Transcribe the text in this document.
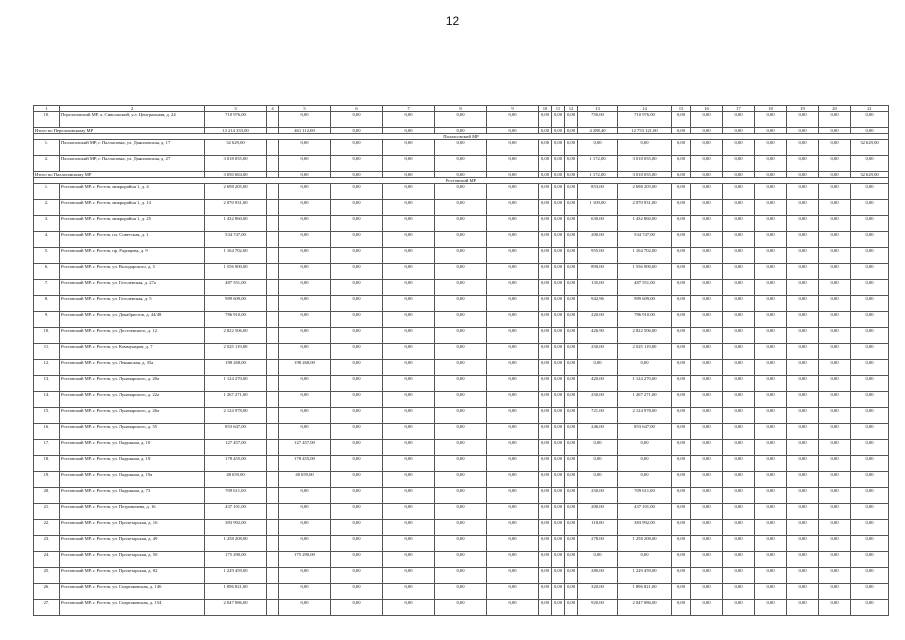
12
1	2	3	4	5	6	7	8	9	10	11	12	13	14	15	16	17	18	19	20	21
10.	Перелазовский МР, х. Сиволжский, у.л. Центральная, д. 24	710 976,00		0,00	0,00	0,00	0,00	0,00	0,00	0,00	0,00	750,00	710 976,00	0,00	0,00	0,00	0,00	0,00	0,00	0,00
Итого по Перелазовскому МР		13 214 333,00		461 112,00	0,00	0,00	0,00	0,00	0,00	0,00	0,00	4 288,40	12 753 121,00	0,00	0,00	0,00	0,00	0,00	0,00	0,00
Палласовский МР																				
1.	Палласовский МР, г. Палласовка, ул. Даниловская, д. 17	32 629,00		0,00	0,00	0,00	0,00	0,00	0,00	0,00	0,00	0,00	0,00	0,00	0,00	0,00	0,00	0,00	0,00	32 629,00
2.	Палласовский МР, г. Палласовка, ул. Даниловская, д. 27	3 018 055,00		0,00	0,00	0,00	0,00	0,00	0,00	0,00	0,00	1 172,00	3 018 055,00	0,00	0,00	0,00	0,00	0,00	0,00	0,00
Итого по Палласовскому МР		3 050 684,00		0,00	0,00	0,00	0,00	0,00	0,00	0,00	0,00	1 172,00	3 018 055,00	0,00	0,00	0,00	0,00	0,00	0,00	32 629,00
Ростовский МР																				
1.	Ростовский МР, г. Ростов, микрорайон 1, д. 4	2 698 205,00		0,00	0,00	0,00	0,00	0,00	0,00	0,00	0,00	853,00	2 698 205,00	0,00	0,00	0,00	0,00	0,00	0,00	0,00
2.	Ростовский МР, г. Ростов, микрорайон 1, д. 14	2 070 931,00		0,00	0,00	0,00	0,00	0,00	0,00	0,00	0,00	1 109,00	2 070 931,00	0,00	0,00	0,00	0,00	0,00	0,00	0,00
3.	Ростовский МР, г. Ростов, микрорайон 1, д. 25	1 432 860,00		0,00	0,00	0,00	0,00	0,00	0,00	0,00	0,00	630,00	1 432 860,00	0,00	0,00	0,00	0,00	0,00	0,00	0,00
4.	Ростовский МР, г. Ростов, пл. Советская, д. 1	534 747,00		0,00	0,00	0,00	0,00	0,00	0,00	0,00	0,00	200,00	534 747,00	0,00	0,00	0,00	0,00	0,00	0,00	0,00
5.	Ростовский МР, г. Ростов, пр. Радищева, д. 9	1 164 702,00		0,00	0,00	0,00	0,00	0,00	0,00	0,00	0,00	955,00	1 164 702,00	0,00	0,00	0,00	0,00	0,00	0,00	0,00
6.	Ростовский МР, г. Ростов, ул. Володарского, д. 5	1 556 900,00		0,00	0,00	0,00	0,00	0,00	0,00	0,00	0,00	890,00	1 556 900,00	0,00	0,00	0,00	0,00	0,00	0,00	0,00
7.	Ростовский МР, г. Ростов, ул. Гоголевская, д. 27а	487 551,00		0,00	0,00	0,00	0,00	0,00	0,00	0,00	0,00	135,00	487 551,00	0,00	0,00	0,00	0,00	0,00	0,00	0,00
8.	Ростовский МР, г. Ростов, ул. Гоголевская, д. 5	989 609,00		0,00	0,00	0,00	0,00	0,00	0,00	0,00	0,00	942,96	989 609,00	0,00	0,00	0,00	0,00	0,00	0,00	0,00
9.	Ростовский МР, г. Ростов, ул. Декабристов, д. 44/48	786 910,00		0,00	0,00	0,00	0,00	0,00	0,00	0,00	0,00	220,00	786 910,00	0,00	0,00	0,00	0,00	0,00	0,00	0,00
10.	Ростовский МР, г. Ростов, ул. Достоевского, д. 12	2 822 506,00		0,00	0,00	0,00	0,00	0,00	0,00	0,00	0,00	426,90	2 822 506,00	0,00	0,00	0,00	0,00	0,00	0,00	0,00
11.	Ростовский МР, г. Ростов, ул. Коммунаров, д. 7	2 025 119,00		0,00	0,00	0,00	0,00	0,00	0,00	0,00	0,00	250,00	2 025 119,00	0,00	0,00	0,00	0,00	0,00	0,00	0,00
12.	Ростовский МР, г. Ростов, ул. Ленинская, д. 35а	198 268,00		198 268,00	0,00	0,00	0,00	0,00	0,00	0,00	0,00	0,00	0,00	0,00	0,00	0,00	0,00	0,00	0,00	0,00
13.	Ростовский МР, г. Ростов, ул. Луначарского, д. 20а	1 124 270,00		0,00	0,00	0,00	0,00	0,00	0,00	0,00	0,00	420,00	1 124 270,00	0,00	0,00	0,00	0,00	0,00	0,00	0,00
14.	Ростовский МР, г. Ростов, ул. Луначарского, д. 22а	1 267 271,00		0,00	0,00	0,00	0,00	0,00	0,00	0,00	0,00	250,00	1 267 271,00	0,00	0,00	0,00	0,00	0,00	0,00	0,00
15.	Ростовский МР, г. Ростов, ул. Луначарского, д. 26а	2 124 978,00		0,00	0,00	0,00	0,00	0,00	0,00	0,00	0,00	721,00	2 124 978,00	0,00	0,00	0,00	0,00	0,00	0,00	0,00
16.	Ростовский МР, г. Ростов, ул. Луначарского, д. 55	853 647,00		0,00	0,00	0,00	0,00	0,00	0,00	0,00	0,00	246,00	853 647,00	0,00	0,00	0,00	0,00	0,00	0,00	0,00
17.	Ростовский МР, г. Ростов, ул. Окружная, д. 10	127 457,00		127 457,00	0,00	0,00	0,00	0,00	0,00	0,00	0,00	0,00	0,00	0,00	0,00	0,00	0,00	0,00	0,00	0,00
18.	Ростовский МР, г. Ростов, ул. Окружная, д. 19	178 455,00		178 455,00	0,00	0,00	0,00	0,00	0,00	0,00	0,00	0,00	0,00	0,00	0,00	0,00	0,00	0,00	0,00	0,00
19.	Ростовский МР, г. Ростов, ул. Окружная, д. 19а	48 659,00		48 659,00	0,00	0,00	0,00	0,00	0,00	0,00	0,00	0,00	0,00	0,00	0,00	0,00	0,00	0,00	0,00	0,00
20.	Ростовский МР, г. Ростов, ул. Окружная, д. 73	709 611,00		0,00	0,00	0,00	0,00	0,00	0,00	0,00	0,00	250,00	709 611,00	0,00	0,00	0,00	0,00	0,00	0,00	0,00
21.	Ростовский МР, г. Ростов, ул. Петровичева, д. 16	437 101,00		0,00	0,00	0,00	0,00	0,00	0,00	0,00	0,00	200,00	437 101,00	0,00	0,00	0,00	0,00	0,00	0,00	0,00
22.	Ростовский МР, г. Ростов, ул. Пролетарская, д. 16	383 992,00		0,00	0,00	0,00	0,00	0,00	0,00	0,00	0,00	118,00	383 992,00	0,00	0,00	0,00	0,00	0,00	0,00	0,00
23.	Ростовский МР, г. Ростов, ул. Пролетарская, д. 49	1 258 208,00		0,00	0,00	0,00	0,00	0,00	0,00	0,00	0,00	278,00	1 258 208,00	0,00	0,00	0,00	0,00	0,00	0,00	0,00
24.	Ростовский МР, г. Ростов, ул. Пролетарская, д. 50	175 290,00		175 290,00	0,00	0,00	0,00	0,00	0,00	0,00	0,00	0,00	0,00	0,00	0,00	0,00	0,00	0,00	0,00	0,00
25.	Ростовский МР, г. Ростов, ул. Пролетарская, д. 82	1 229 459,00		0,00	0,00	0,00	0,00	0,00	0,00	0,00	0,00	280,00	1 229 459,00	0,00	0,00	0,00	0,00	0,00	0,00	0,00
26.	Ростовский МР, г. Ростов, ул. Спартаковская, д. 146	1 896 821,00		0,00	0,00	0,00	0,00	0,00	0,00	0,00	0,00	320,00	1 896 821,00	0,00	0,00	0,00	0,00	0,00	0,00	0,00
27.	Ростовский МР, г. Ростов, ул. Спартаковская, д. 154	2 047 086,00		0,00	0,00	0,00	0,00	0,00	0,00	0,00	0,00	920,00	2 047 086,00	0,00	0,00	0,00	0,00	0,00	0,00	0,00
